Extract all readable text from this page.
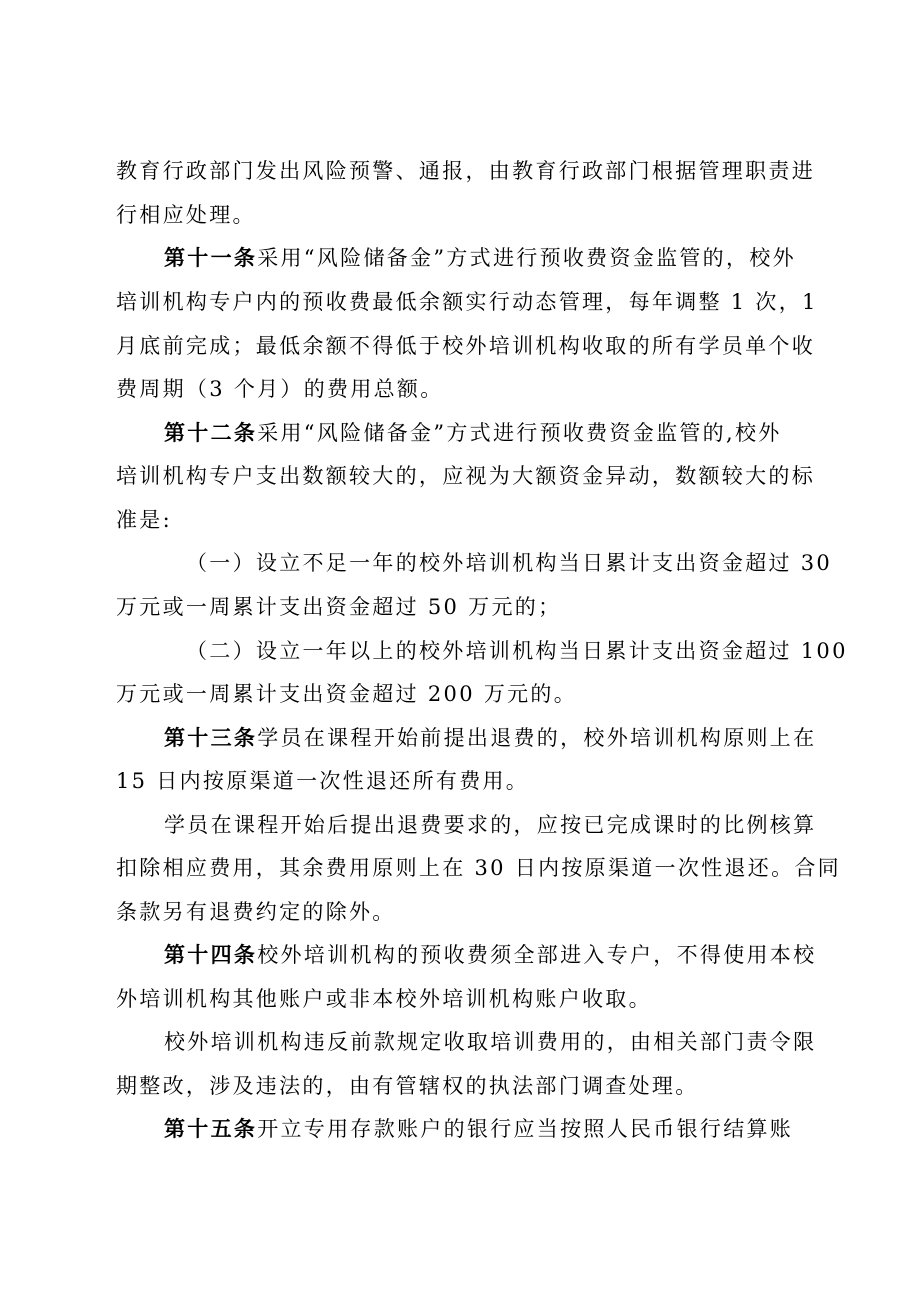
教育行政部门发出风险预警、通报，由教育行政部门根据管理职责进
行相应处理。
第十一条采用“风险储备金”方式进行预收费资金监管的，校外
培训机构专户内的预收费最低余额实行动态管理，每年调整 1 次，1
月底前完成；最低余额不得低于校外培训机构收取的所有学员单个收
费周期（3 个月）的费用总额。
第十二条采用“风险储备金”方式进行预收费资金监管的,校外
培训机构专户支出数额较大的，应视为大额资金异动，数额较大的标
准是:
（一）设立不足一年的校外培训机构当日累计支出资金超过 30
万元或一周累计支出资金超过 50 万元的；
（二）设立一年以上的校外培训机构当日累计支出资金超过 100
万元或一周累计支出资金超过 200 万元的。
第十三条学员在课程开始前提出退费的，校外培训机构原则上在
15 日内按原渠道一次性退还所有费用。
学员在课程开始后提出退费要求的，应按已完成课时的比例核算
扣除相应费用，其余费用原则上在 30 日内按原渠道一次性退还。合同
条款另有退费约定的除外。
第十四条校外培训机构的预收费须全部进入专户，不得使用本校
外培训机构其他账户或非本校外培训机构账户收取。
校外培训机构违反前款规定收取培训费用的，由相关部门责令限
期整改，涉及违法的，由有管辖权的执法部门调查处理。
第十五条开立专用存款账户的银行应当按照人民币银行结算账
